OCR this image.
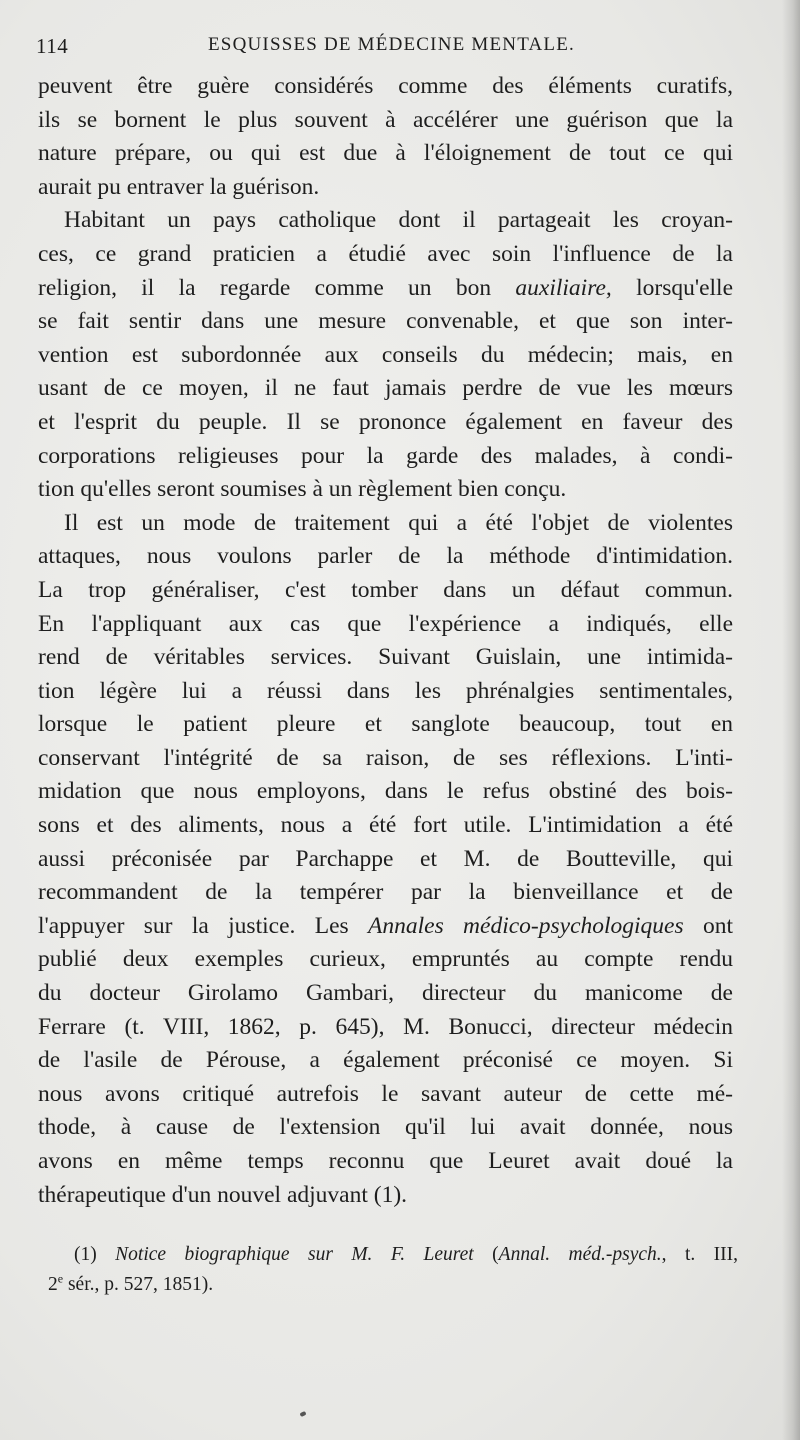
114	ESQUISSES DE MÉDECINE MENTALE.
peuvent être guère considérés comme des éléments curatifs,
ils se bornent le plus souvent à accélérer une guérison que la
nature prépare, ou qui est due à l'éloignement de tout ce qui
aurait pu entraver la guérison.
Habitant un pays catholique dont il partageait les croyan-
ces, ce grand praticien a étudié avec soin l'influence de la
religion, il la regarde comme un bon auxiliaire, lorsqu'elle
se fait sentir dans une mesure convenable, et que son inter-
vention est subordonnée aux conseils du médecin; mais, en
usant de ce moyen, il ne faut jamais perdre de vue les mœurs
et l'esprit du peuple. Il se prononce également en faveur des
corporations religieuses pour la garde des malades, à condi-
tion qu'elles seront soumises à un règlement bien conçu.
Il est un mode de traitement qui a été l'objet de violentes
attaques, nous voulons parler de la méthode d'intimidation.
La trop généraliser, c'est tomber dans un défaut commun.
En l'appliquant aux cas que l'expérience a indiqués, elle
rend de véritables services. Suivant Guislain, une intimida-
tion légère lui a réussi dans les phrénalgies sentimentales,
lorsque le patient pleure et sanglote beaucoup, tout en
conservant l'intégrité de sa raison, de ses réflexions. L'inti-
midation que nous employons, dans le refus obstiné des bois-
sons et des aliments, nous a été fort utile. L'intimidation a été
aussi préconisée par Parchappe et M. de Boutteville, qui
recommandent de la tempérer par la bienveillance et de
l'appuyer sur la justice. Les Annales médico-psychologiques ont
publié deux exemples curieux, empruntés au compte rendu
du docteur Girolamo Gambari, directeur du manicome de
Ferrare (t. VIII, 1862, p. 645), M. Bonucci, directeur médecin
de l'asile de Pérouse, a également préconisé ce moyen. Si
nous avons critiqué autrefois le savant auteur de cette mé-
thode, à cause de l'extension qu'il lui avait donnée, nous
avons en même temps reconnu que Leuret avait doué la
thérapeutique d'un nouvel adjuvant (1).
(1) Notice biographique sur M. F. Leuret (Annal. méd.-psych., t. III,
2e sér., p. 527, 1851).
